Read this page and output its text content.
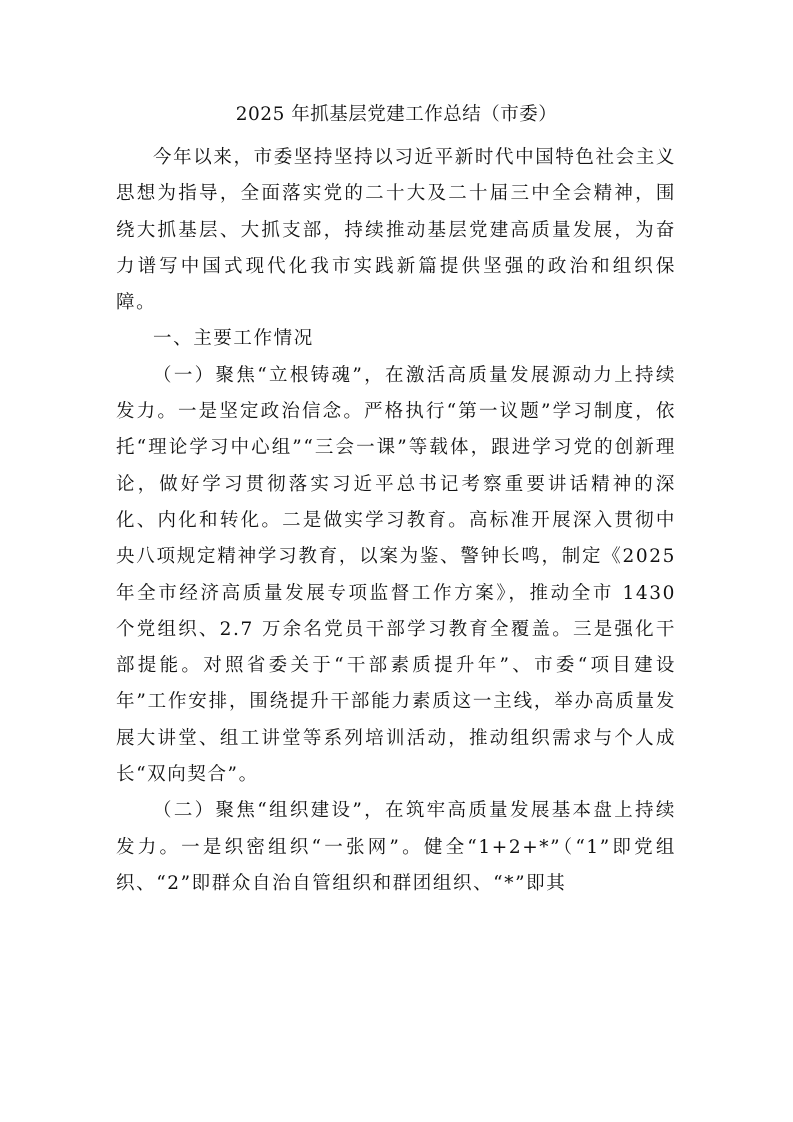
2025 年抓基层党建工作总结（市委）

今年以来，市委坚持坚持以习近平新时代中国特色社会主义思想为指导，全面落实党的二十大及二十届三中全会精神，围绕大抓基层、大抓支部，持续推动基层党建高质量发展，为奋力谱写中国式现代化我市实践新篇提供坚强的政治和组织保障。

一、主要工作情况

（一）聚焦“立根铸魂”，在激活高质量发展源动力上持续发力。一是坚定政治信念。严格执行“第一议题”学习制度，依托“理论学习中心组”“三会一课”等载体，跟进学习党的创新理论，做好学习贯彻落实习近平总书记考察重要讲话精神的深化、内化和转化。二是做实学习教育。高标准开展深入贯彻中央八项规定精神学习教育，以案为鉴、警钟长鸣，制定《2025 年全市经济高质量发展专项监督工作方案》，推动全市 1430 个党组织、2.7 万余名党员干部学习教育全覆盖。三是强化干部提能。对照省委关于“干部素质提升年”、市委“项目建设年”工作安排，围绕提升干部能力素质这一主线，举办高质量发展大讲堂、组工讲堂等系列培训活动，推动组织需求与个人成长“双向契合”。

（二）聚焦“组织建设”，在筑牢高质量发展基本盘上持续发力。一是织密组织“一张网”。健全“1+2+*”（“1”即党组织、“2”即群众自治自管组织和群团组织、“*”即其
